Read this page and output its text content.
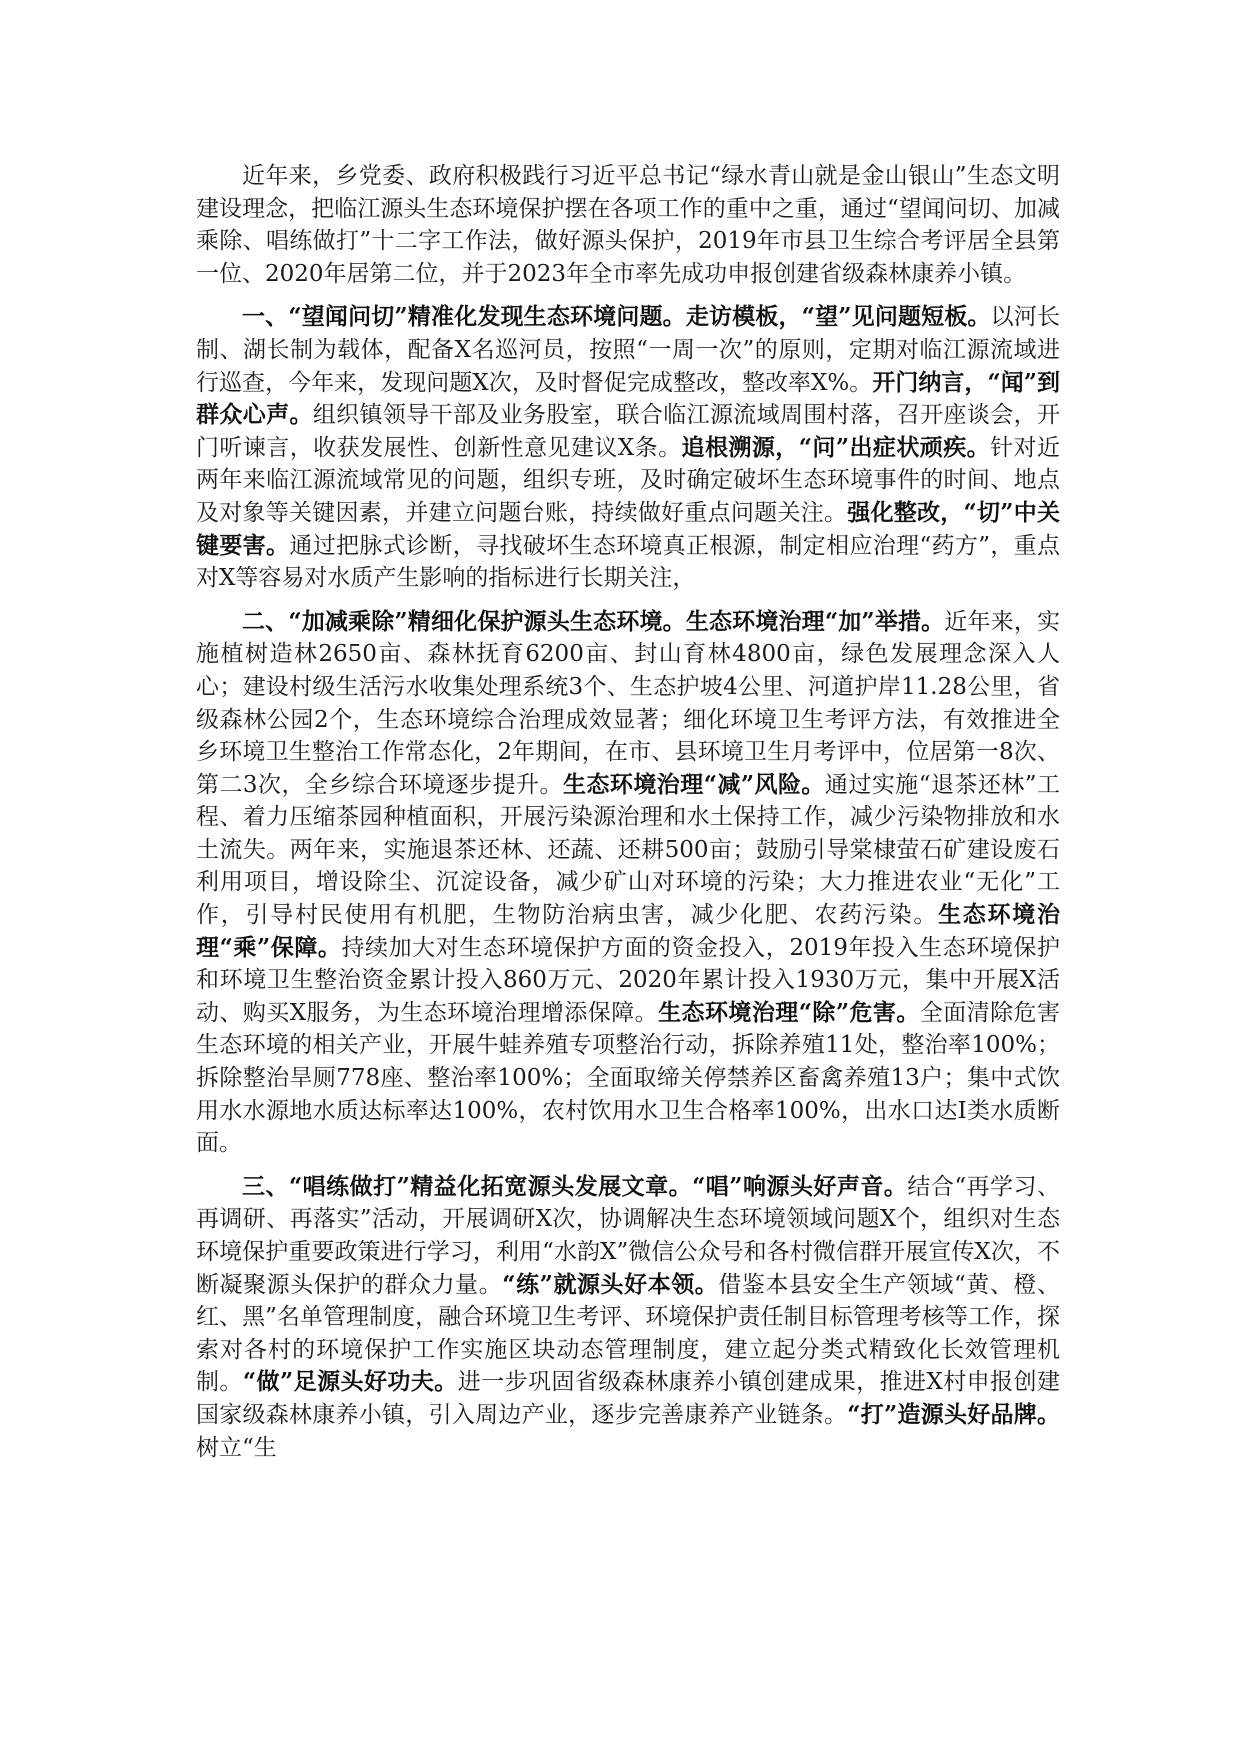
近年来，乡党委、政府积极践行习近平总书记“绿水青山就是金山银山”生态文明建设理念，把临江源头生态环境保护摆在各项工作的重中之重，通过“望闻问切、加减乘除、唱练做打”十二字工作法，做好源头保护，2019年市县卫生综合考评居全县第一位、2020年居第二位，并于2023年全市率先成功申报创建省级森林康养小镇。

一、“望闻问切”精准化发现生态环境问题。走访模板，“望”见问题短板。以河长制、湖长制为载体，配备X名巡河员，按照“一周一次”的原则，定期对临江源流域进行巡查，今年来，发现问题X次，及时督促完成整改，整改率X%。开门纳言，“闻”到群众心声。组织镇领导干部及业务股室，联合临江源流域周围村落，召开座谈会，开门听谏言，收获发展性、创新性意见建议X条。追根溯源，“问”出症状顽疾。针对近两年来临江源流域常见的问题，组织专班，及时确定破坏生态环境事件的时间、地点及对象等关键因素，并建立问题台账，持续做好重点问题关注。强化整改，“切”中关键要害。通过把脉式诊断，寻找破坏生态环境真正根源，制定相应治理“药方”，重点对X等容易对水质产生影响的指标进行长期关注，

二、“加减乘除”精细化保护源头生态环境。生态环境治理“加”举措。近年来，实施植树造林2650亩、森林抚育6200亩、封山育林4800亩，绿色发展理念深入人心；建设村级生活污水收集处理系统3个、生态护坡4公里、河道护岸11.28公里，省级森林公园2个，生态环境综合治理成效显著；细化环境卫生考评方法，有效推进全乡环境卫生整治工作常态化，2年期间，在市、县环境卫生月考评中，位居第一8次、第二3次，全乡综合环境逐步提升。生态环境治理“减”风险。通过实施“退茶还林”工程、着力压缩茶园种植面积，开展污染源治理和水土保持工作，减少污染物排放和水土流失。两年来，实施退茶还林、还蔬、还耕500亩；鼓励引导棠棣萤石矿建设废石利用项目，增设除尘、沉淀设备，减少矿山对环境的污染；大力推进农业“无化”工作，引导村民使用有机肥，生物防治病虫害，减少化肥、农药污染。生态环境治理“乘”保障。持续加大对生态环境保护方面的资金投入，2019年投入生态环境保护和环境卫生整治资金累计投入860万元、2020年累计投入1930万元，集中开展X活动、购买X服务，为生态环境治理增添保障。生态环境治理“除”危害。全面清除危害生态环境的相关产业，开展牛蛙养殖专项整治行动，拆除养殖11处，整治率100%；拆除整治旱厕778座、整治率100%；全面取缔关停禁养区畜禽养殖13户；集中式饮用水水源地水质达标率达100%，农村饮用水卫生合格率100%，出水口达Ⅰ类水质断面。

三、“唱练做打”精益化拓宽源头发展文章。“唱”响源头好声音。结合“再学习、再调研、再落实”活动，开展调研X次，协调解决生态环境领域问题X个，组织对生态环境保护重要政策进行学习，利用“水韵X”微信公众号和各村微信群开展宣传X次，不断凝聚源头保护的群众力量。“练”就源头好本领。借鉴本县安全生产领域“黄、橙、红、黑”名单管理制度，融合环境卫生考评、环境保护责任制目标管理考核等工作，探索对各村的环境保护工作实施区块动态管理制度，建立起分类式精致化长效管理机制。“做”足源头好功夫。进一步巩固省级森林康养小镇创建成果，推进X村申报创建国家级森林康养小镇，引入周边产业，逐步完善康养产业链条。“打”造源头好品牌。树立“生
